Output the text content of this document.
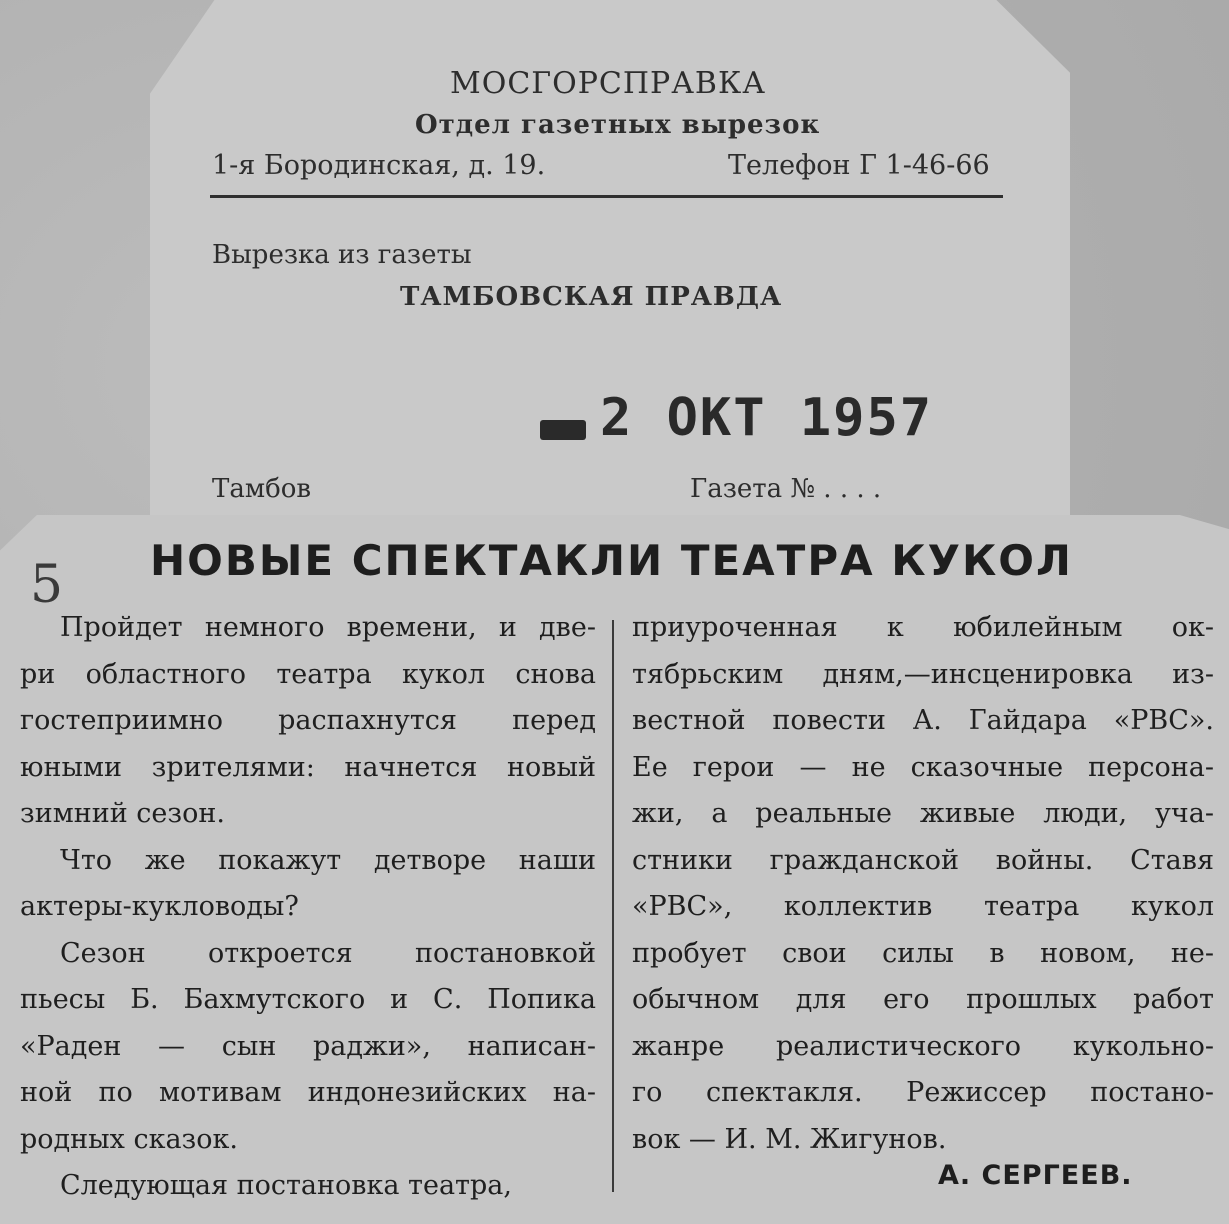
МОСГОРСПРАВКА
Отдел газетных вырезок
1-я Бородинская, д. 19.	Телефон Г 1-46-66
Вырезка из газеты
ТАМБОВСКАЯ ПРАВДА
2 ОКТ 1957
Тамбов	Газета № . . . .
5 НОВЫЕ СПЕКТАКЛИ ТЕАТРА КУКОЛ
Пройдет немного времени, и две-
ри областного театра кукол снова
гостеприимно распахнутся перед
юными зрителями: начнется новый
зимний сезон.
Что же покажут детворе наши
актеры-кукловоды?
Сезон откроется постановкой
пьесы Б. Бахмутского и С. Попика
«Раден — сын раджи», написан-
ной по мотивам индонезийских на-
родных сказок.
Следующая постановка театра,
приуроченная к юбилейным ок-
тябрьским дням,—инсценировка из-
вестной повести А. Гайдара «РВС».
Ее герои — не сказочные персона-
жи, а реальные живые люди, уча-
стники гражданской войны. Ставя
«РВС», коллектив театра кукол
пробует свои силы в новом, не-
обычном для его прошлых работ
жанре реалистического кукольно-
го спектакля. Режиссер постано-
вок — И. М. Жигунов.
А. СЕРГЕЕВ.
